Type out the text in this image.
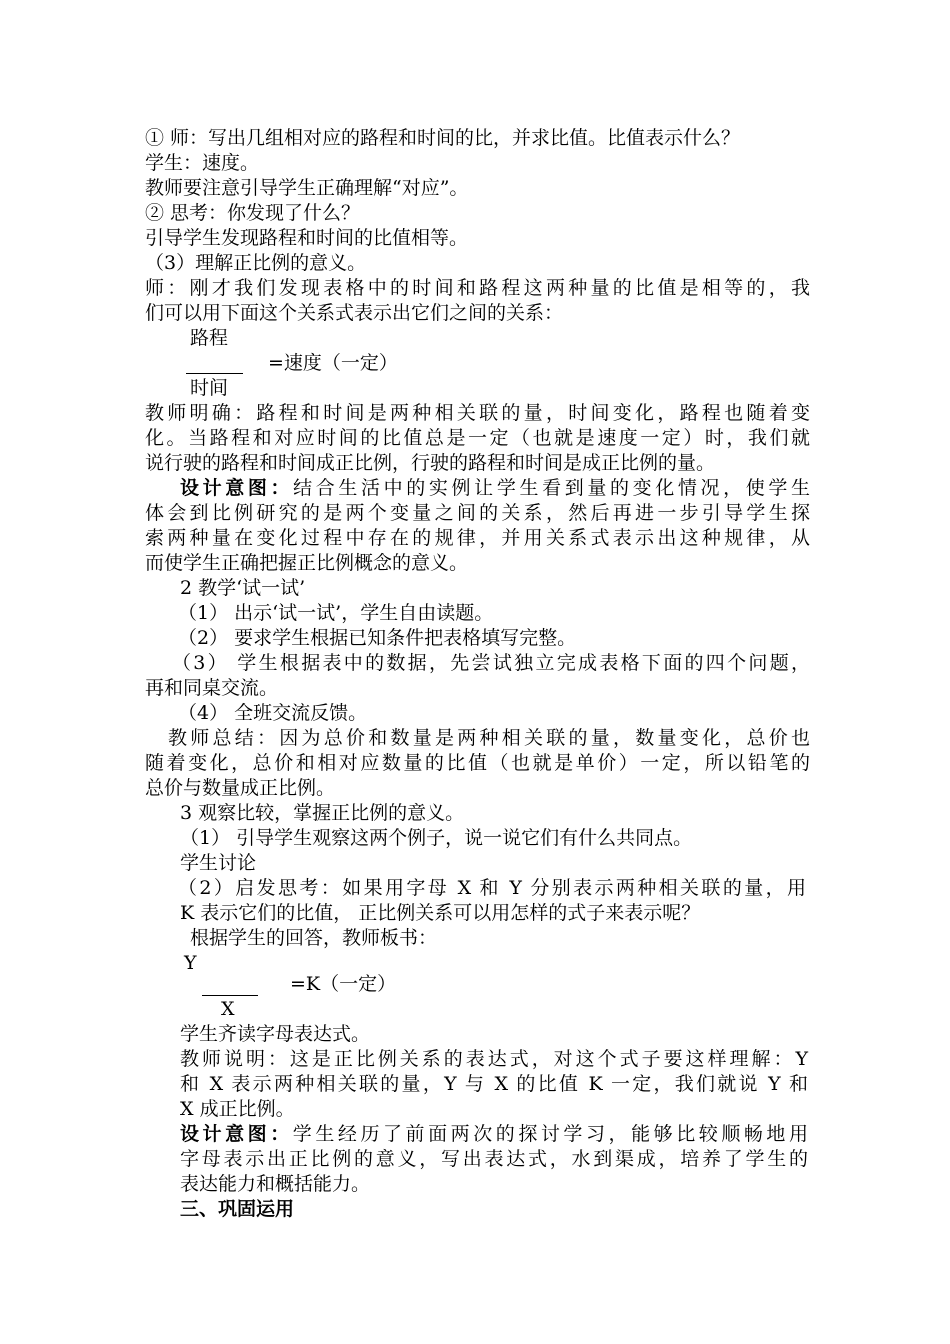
① 师：写出几组相对应的路程和时间的比，并求比值。比值表示什么？
学生：速度。
教师要注意引导学生正确理解“对应”。
② 思考：你发现了什么？
引导学生发现路程和时间的比值相等。
（3）理解正比例的意义。
师：刚才我们发现表格中的时间和路程这两种量的比值是相等的，我
们可以用下面这个关系式表示出它们之间的关系：
路程
=速度（一定）
时间
教师明确：路程和时间是两种相关联的量，时间变化，路程也随着变
化。当路程和对应时间的比值总是一定（也就是速度一定）时，我们就
说行驶的路程和时间成正比例，行驶的路程和时间是成正比例的量。
设计意图：结合生活中的实例让学生看到量的变化情况，使学生
体会到比例研究的是两个变量之间的关系，然后再进一步引导学生探
索两种量在变化过程中存在的规律，并用关系式表示出这种规律，从
而使学生正确把握正比例概念的意义。
2 教学‘试一试’
（1） 出示‘试一试’，学生自由读题。
（2） 要求学生根据已知条件把表格填写完整。
（3） 学生根据表中的数据，先尝试独立完成表格下面的四个问题，
再和同桌交流。
（4） 全班交流反馈。
教师总结：因为总价和数量是两种相关联的量，数量变化，总价也
随着变化，总价和相对应数量的比值（也就是单价）一定，所以铅笔的
总价与数量成正比例。
3 观察比较，掌握正比例的意义。
（1） 引导学生观察这两个例子，说一说它们有什么共同点。
学生讨论
（2）启发思考：如果用字母 X 和 Y 分别表示两种相关联的量，用
K 表示它们的比值， 正比例关系可以用怎样的式子来表示呢？
根据学生的回答，教师板书：
Y
=K（一定）
X
学生齐读字母表达式。
教师说明：这是正比例关系的表达式，对这个式子要这样理解：Y
和 X 表示两种相关联的量，Y 与 X 的比值 K 一定，我们就说 Y 和
X 成正比例。
设计意图：学生经历了前面两次的探讨学习，能够比较顺畅地用
字母表示出正比例的意义，写出表达式，水到渠成，培养了学生的
表达能力和概括能力。
三、巩固运用
